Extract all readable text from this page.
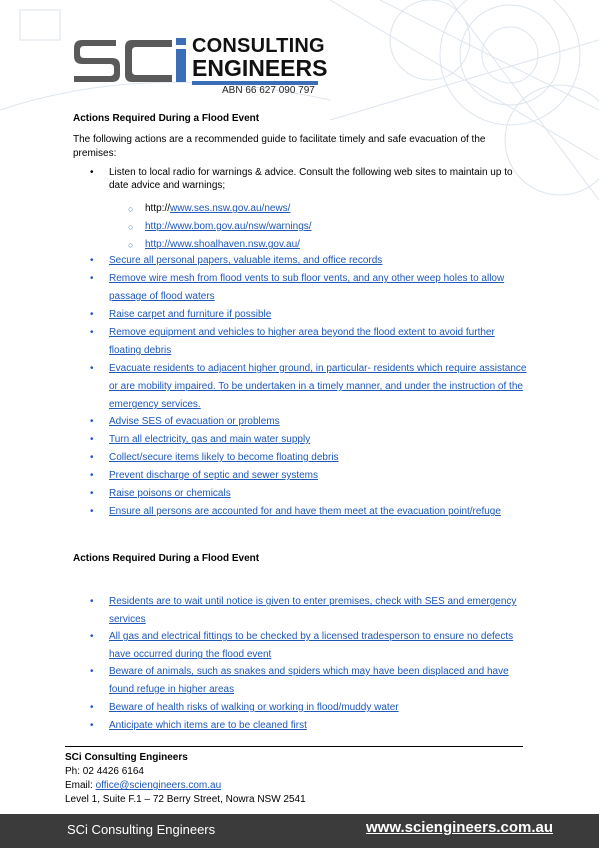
CONSULTING
ENGINEERS
ABN 66 627 090 797
Actions Required During a Flood Event
The following actions are a recommended guide to facilitate timely and safe evacuation of the premises:
• Listen to local radio for warnings & advice. Consult the following web sites to maintain up to date advice and warnings;
○ http://www.ses.nsw.gov.au/news/
○ http://www.bom.gov.au/nsw/warnings/
○ http://www.shoalhaven.nsw.gov.au/
• Secure all personal papers, valuable items, and office records
• Remove wire mesh from flood vents to sub floor vents, and any other weep holes to allow passage of flood waters
• Raise carpet and furniture if possible
• Remove equipment and vehicles to higher area beyond the flood extent to avoid further floating debris
• Evacuate residents to adjacent higher ground, in particular- residents which require assistance or are mobility impaired. To be undertaken in a timely manner, and under the instruction of the emergency services.
• Advise SES of evacuation or problems
• Turn all electricity, gas and main water supply
• Collect/secure items likely to become floating debris
• Prevent discharge of septic and sewer systems
• Raise poisons or chemicals
• Ensure all persons are accounted for and have them meet at the evacuation point/refuge
Actions Required During a Flood Event
• Residents are to wait until notice is given to enter premises, check with SES and emergency services
• All gas and electrical fittings to be checked by a licensed tradesperson to ensure no defects have occurred during the flood event
• Beware of animals, such as snakes and spiders which may have been displaced and have found refuge in higher areas
• Beware of health risks of walking or working in flood/muddy water
• Anticipate which items are to be cleaned first
SCi Consulting Engineers
Ph: 02 4426 6164
Email: office@scienginеers.com.au
Level 1, Suite F.1 – 72 Berry Street, Nowra NSW 2541
SCi Consulting Engineers	www.scienginееrs.com.au
